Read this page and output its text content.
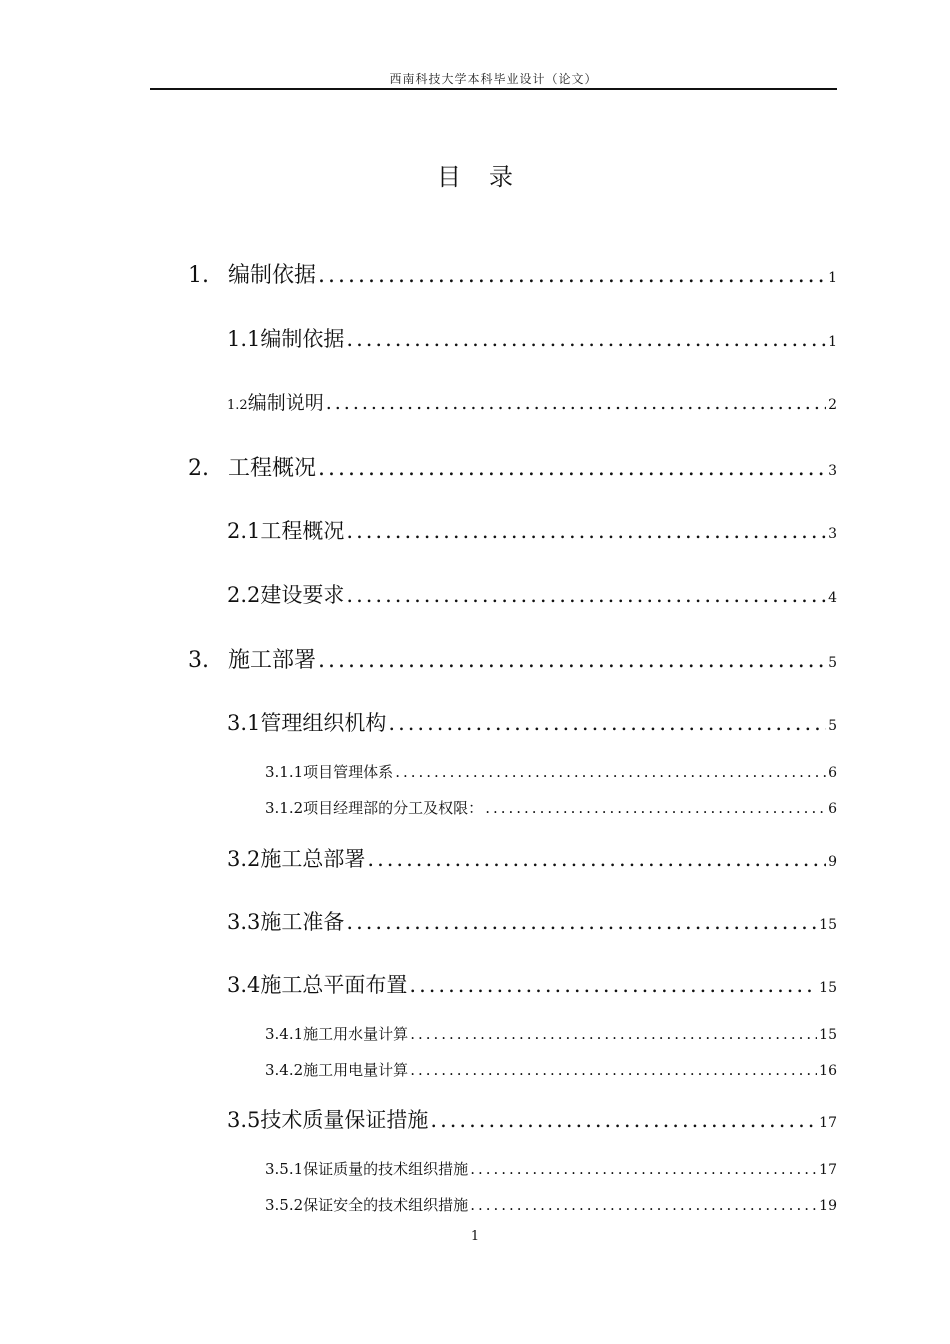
西南科技大学本科毕业设计（论文）
目录
1. 编制依据 .....	1
1.1编制依据 .....	1
1.2编制说明 .....	2
2. 工程概况 .....	3
2.1工程概况 .....	3
2.2建设要求 .....	4
3. 施工部署 .....	5
3.1管理组织机构 .....	5
3.1.1项目管理体系 .....	6
3.1.2项目经理部的分工及权限： .....	6
3.2施工总部署 .....	9
3.3施工准备 .....	15
3.4施工总平面布置 .....	15
3.4.1施工用水量计算 .....	15
3.4.2施工用电量计算 .....	16
3.5技术质量保证措施 .....	17
3.5.1保证质量的技术组织措施 .....	17
3.5.2保证安全的技术组织措施 .....	19
1
